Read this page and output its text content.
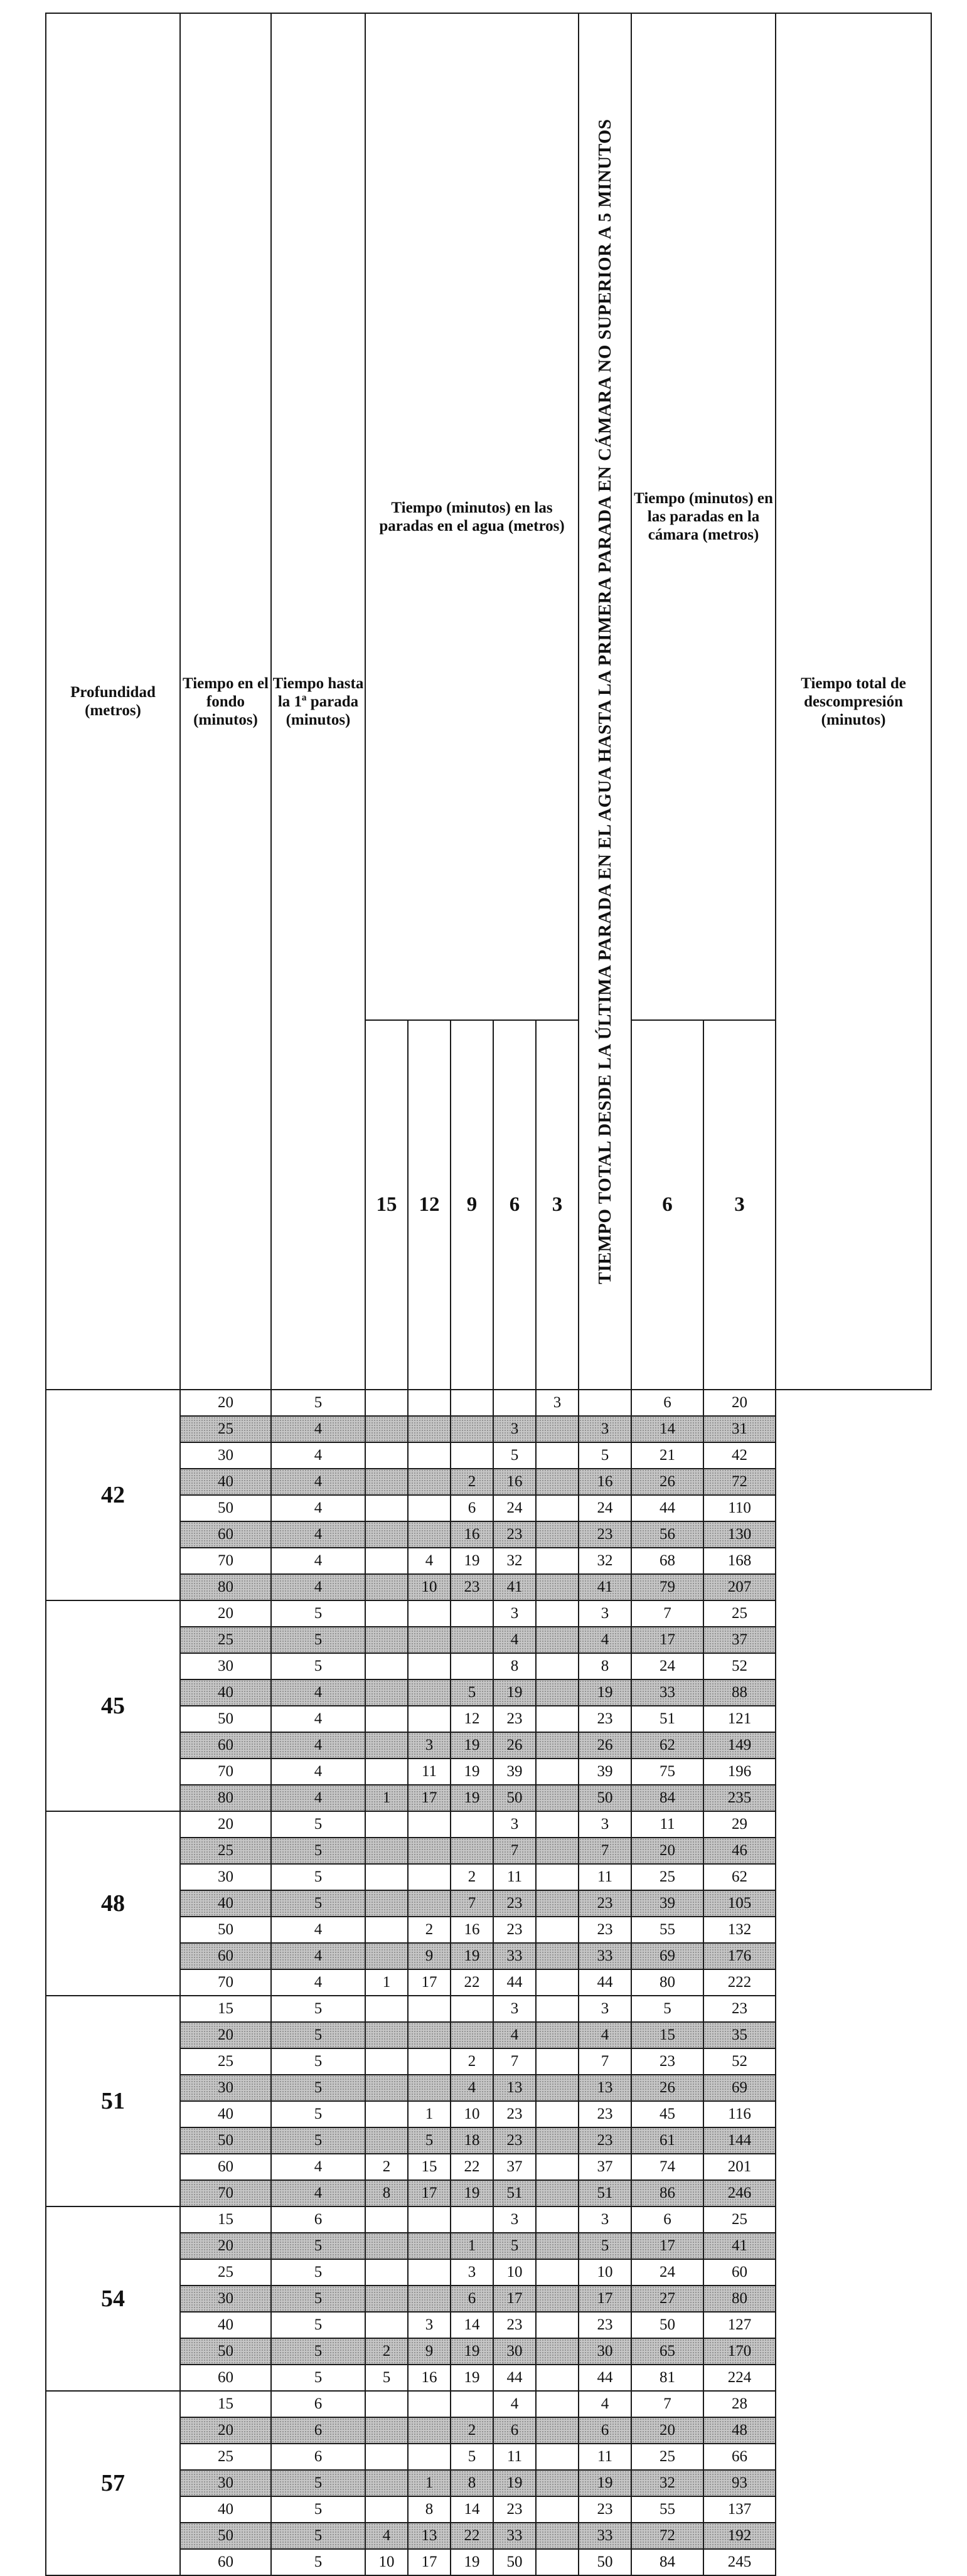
Profundidad (metros)	Tiempo en el fondo (minutos)	Tiempo hasta la 1ª parada (minutos)	Tiempo (minutos) en las paradas en el agua (metros)					TIEMPO TOTAL DESDE LA ÚLTIMA PARADA EN EL AGUA HASTA LA PRIMERA PARADA EN CÁMARA NO SUPERIOR A 5 MINUTOS	Tiempo (minutos) en las paradas en la cámara (metros)		Tiempo total de descompresión (minutos)
			15	12	9	6	3		6	3	
42	20	5					3		6	20	
	25	4				3		3	14	31	
	30	4				5		5	21	42	
	40	4			2	16		16	26	72	
	50	4			6	24		24	44	110	
	60	4			16	23		23	56	130	
	70	4		4	19	32		32	68	168	
	80	4		10	23	41		41	79	207	
45	20	5				3		3	7	25	
	25	5				4		4	17	37	
	30	5				8		8	24	52	
	40	4			5	19		19	33	88	
	50	4			12	23		23	51	121	
	60	4		3	19	26		26	62	149	
	70	4		11	19	39		39	75	196	
	80	4	1	17	19	50		50	84	235	
48	20	5				3		3	11	29	
	25	5				7		7	20	46	
	30	5			2	11		11	25	62	
	40	5			7	23		23	39	105	
	50	4		2	16	23		23	55	132	
	60	4		9	19	33		33	69	176	
	70	4	1	17	22	44		44	80	222	
51	15	5				3		3	5	23	
	20	5				4		4	15	35	
	25	5			2	7		7	23	52	
	30	5			4	13		13	26	69	
	40	5		1	10	23		23	45	116	
	50	5		5	18	23		23	61	144	
	60	4	2	15	22	37		37	74	201	
	70	4	8	17	19	51		51	86	246	
54	15	6				3		3	6	25	
	20	5			1	5		5	17	41	
	25	5			3	10		10	24	60	
	30	5			6	17		17	27	80	
	40	5		3	14	23		23	50	127	
	50	5	2	9	19	30		30	65	170	
	60	5	5	16	19	44		44	81	224	
57	15	6				4		4	7	28	
	20	6			2	6		6	20	48	
	25	6			5	11		11	25	66	
	30	5		1	8	19		19	32	93	
	40	5		8	14	23		23	55	137	
	50	5	4	13	22	33		33	72	192	
	60	5	10	17	19	50		50	84	245	
